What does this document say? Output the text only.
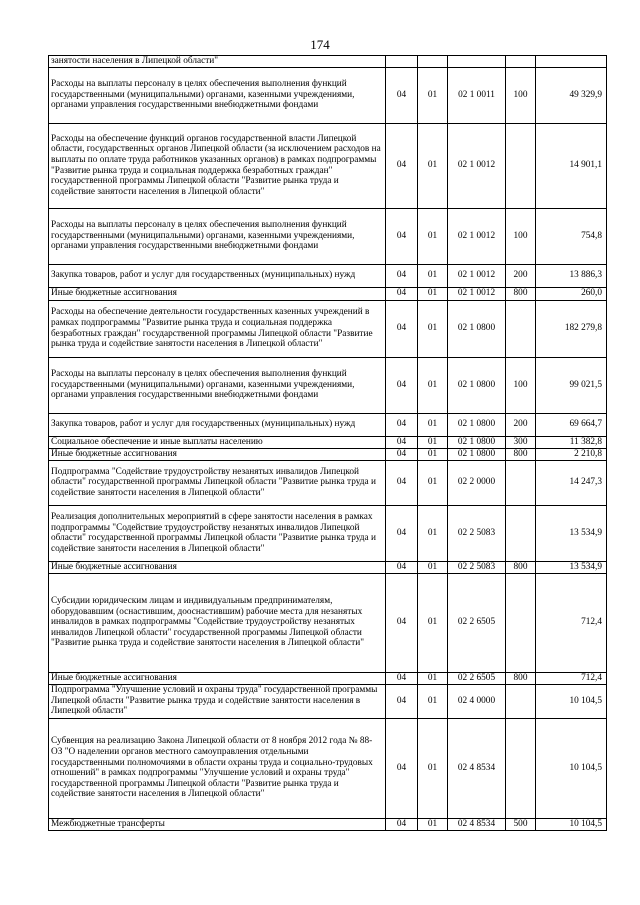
174
занятости населения в Липецкой области"					
Расходы на выплаты персоналу в целях обеспечения выполнения функций государственными (муниципальными) органами, казенными учреждениями, органами управления государственными внебюджетными фондами	04	01	02 1 0011	100	49 329,9
Расходы на обеспечение функций органов государственной власти Липецкой области, государственных органов Липецкой области (за исключением расходов на выплаты по оплате труда работников указанных органов) в рамках подпрограммы "Развитие рынка труда и социальная поддержка безработных граждан" государственной программы Липецкой области "Развитие рынка труда и содействие занятости населения в Липецкой области"	04	01	02 1 0012		14 901,1
Расходы на выплаты персоналу в целях обеспечения выполнения функций государственными (муниципальными) органами, казенными учреждениями, органами управления государственными внебюджетными фондами	04	01	02 1 0012	100	754,8
Закупка товаров, работ и услуг для государственных (муниципальных) нужд	04	01	02 1 0012	200	13 886,3
Иные бюджетные ассигнования	04	01	02 1 0012	800	260,0
Расходы на обеспечение деятельности государственных казенных учреждений в рамках подпрограммы "Развитие рынка труда и социальная поддержка безработных граждан" государственной программы Липецкой области "Развитие рынка труда и содействие занятости населения в Липецкой области"	04	01	02 1 0800		182 279,8
Расходы на выплаты персоналу в целях обеспечения выполнения функций государственными (муниципальными) органами, казенными учреждениями, органами управления государственными внебюджетными фондами	04	01	02 1 0800	100	99 021,5
Закупка товаров, работ и услуг для государственных (муниципальных) нужд	04	01	02 1 0800	200	69 664,7
Социальное обеспечение и иные выплаты населению	04	01	02 1 0800	300	11 382,8
Иные бюджетные ассигнования	04	01	02 1 0800	800	2 210,8
Подпрограмма "Содействие трудоустройству незанятых инвалидов Липецкой области" государственной программы Липецкой области "Развитие рынка труда и содействие занятости населения в Липецкой области"	04	01	02 2 0000		14 247,3
Реализация дополнительных мероприятий в сфере занятости населения в рамках подпрограммы "Содействие трудоустройству незанятых инвалидов Липецкой области" государственной программы Липецкой области "Развитие рынка труда и содействие занятости населения в Липецкой области"	04	01	02 2 5083		13 534,9
Иные бюджетные ассигнования	04	01	02 2 5083	800	13 534,9
Субсидии юридическим лицам и индивидуальным предпринимателям, оборудовавшим (оснастившим, дооснастившим) рабочие места для незанятых инвалидов в рамках подпрограммы "Содействие трудоустройству незанятых инвалидов Липецкой области" государственной программы Липецкой области "Развитие рынка труда и содействие занятости населения в Липецкой области"	04	01	02 2 6505		712,4
Иные бюджетные ассигнования	04	01	02 2 6505	800	712,4
Подпрограмма "Улучшение условий и охраны труда" государственной программы Липецкой области "Развитие рынка труда и содействие занятости населения в Липецкой области"	04	01	02 4 0000		10 104,5
Субвенция на реализацию Закона Липецкой области от 8 ноября 2012 года № 88-ОЗ "О наделении органов местного самоуправления отдельными государственными полномочиями в области охраны труда и социально-трудовых отношений" в рамках подпрограммы "Улучшение условий и охраны труда" государственной программы Липецкой области "Развитие рынка труда и содействие занятости населения в Липецкой области"	04	01	02 4 8534		10 104,5
Межбюджетные трансферты	04	01	02 4 8534	500	10 104,5
